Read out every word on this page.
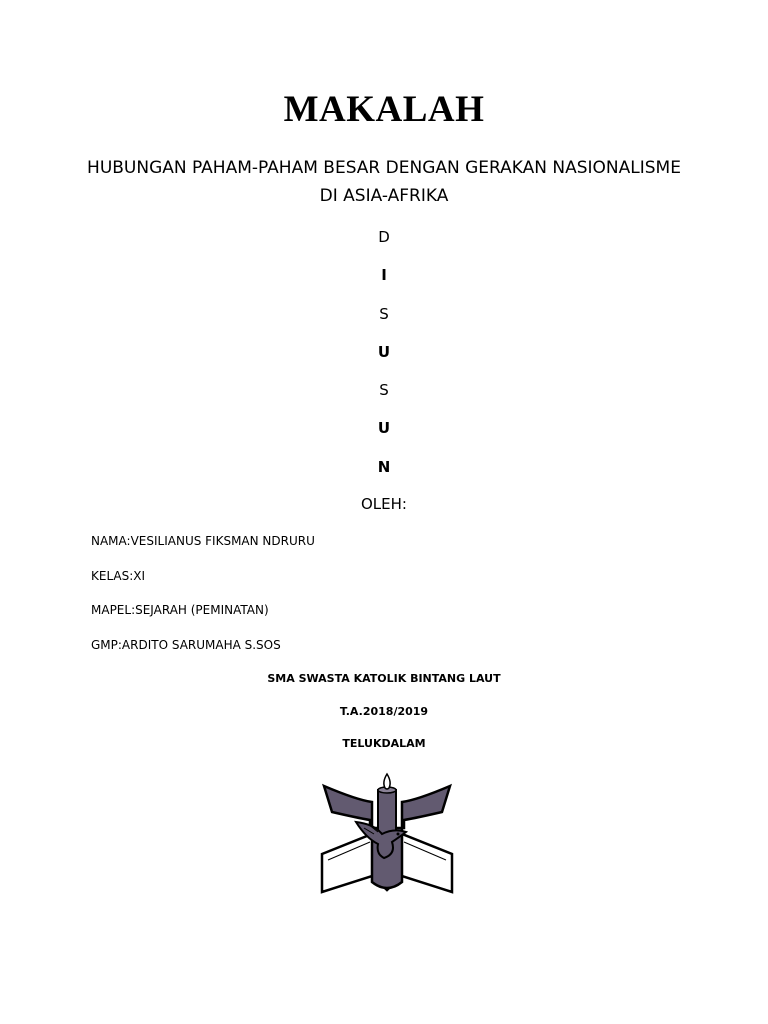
MAKALAH
HUBUNGAN PAHAM-PAHAM BESAR DENGAN GERAKAN NASIONALISME
DI ASIA-AFRIKA
D
I
S
U
S
U
N
OLEH:
NAMA:VESILIANUS FIKSMAN NDRURU
KELAS:XI
MAPEL:SEJARAH (PEMINATAN)
GMP:ARDITO SARUMAHA S.SOS
SMA SWASTA KATOLIK BINTANG LAUT
T.A.2018/2019
TELUKDALAM
